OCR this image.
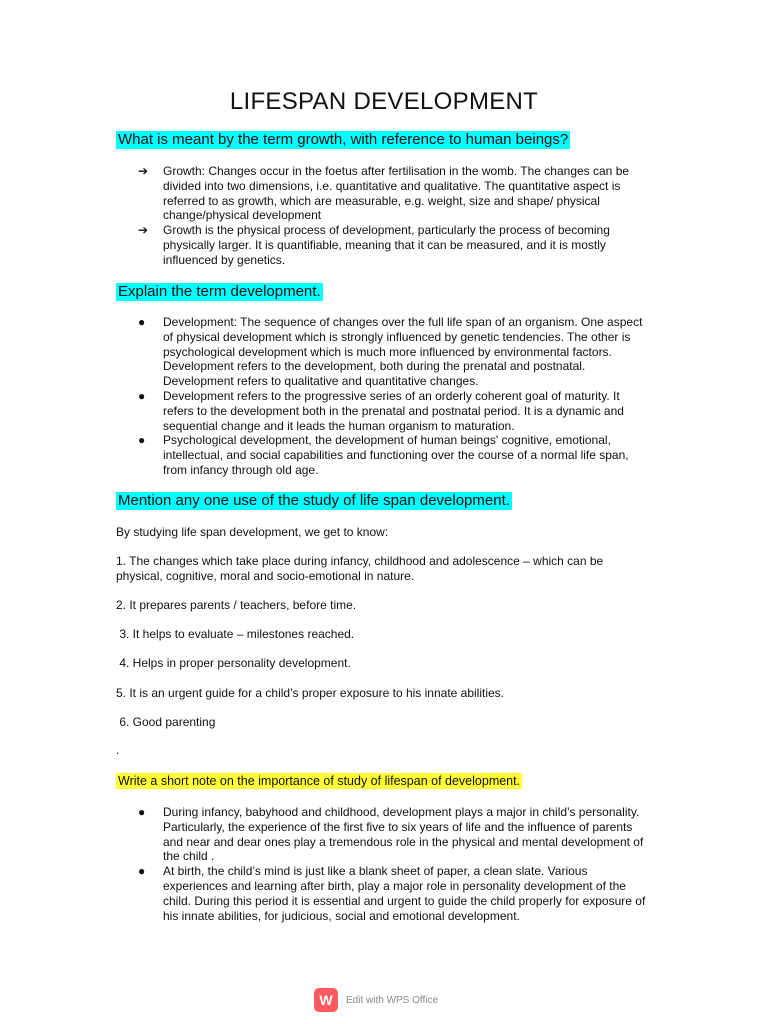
LIFESPAN DEVELOPMENT
What is meant by the term growth, with reference to human beings?
➔ Growth: Changes occur in the foetus after fertilisation in the womb. The changes can be divided into two dimensions, i.e. quantitative and qualitative. The quantitative aspect is referred to as growth, which are measurable, e.g. weight, size and shape/ physical change/physical development
➔ Growth is the physical process of development, particularly the process of becoming physically larger. It is quantifiable, meaning that it can be measured, and it is mostly influenced by genetics.
Explain the term development.
● Development: The sequence of changes over the full life span of an organism. One aspect of physical development which is strongly influenced by genetic tendencies. The other is psychological development which is much more influenced by environmental factors. Development refers to the development, both during the prenatal and postnatal. Development refers to qualitative and quantitative changes.
● Development refers to the progressive series of an orderly coherent goal of maturity. It refers to the development both in the prenatal and postnatal period. It is a dynamic and sequential change and it leads the human organism to maturation.
● Psychological development, the development of human beings' cognitive, emotional, intellectual, and social capabilities and functioning over the course of a normal life span, from infancy through old age.
Mention any one use of the study of life span development.

By studying life span development, we get to know:

1. The changes which take place during infancy, childhood and adolescence – which can be physical, cognitive, moral and socio-emotional in nature.

2. It prepares parents / teachers, before time.

3. It helps to evaluate – milestones reached.

4. Helps in proper personality development.

5. It is an urgent guide for a child’s proper exposure to his innate abilities.

6. Good parenting

.

Write a short note on the importance of study of lifespan of development.
● During infancy, babyhood and childhood, development plays a major in child’s personality. Particularly, the experience of the first five to six years of life and the influence of parents and near and dear ones play a tremendous role in the physical and mental development of the child .
● At birth, the child’s mind is just like a blank sheet of paper, a clean slate. Various experiences and learning after birth, play a major role in personality development of the child. During this period it is essential and urgent to guide the child properly for exposure of his innate abilities, for judicious, social and emotional development.
W	Edit with WPS Office
